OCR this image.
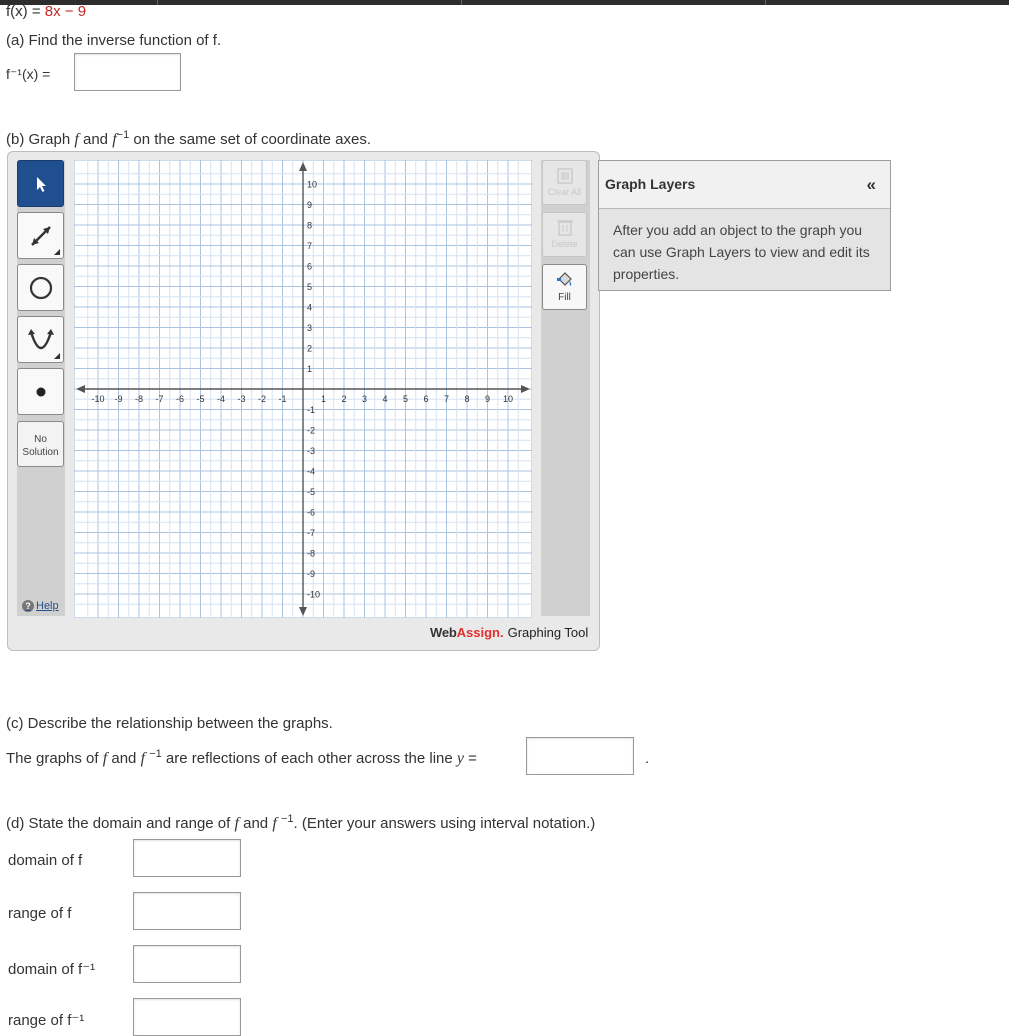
f(x) = 8x − 9
(a) Find the inverse function of f.
f⁻¹(x) =
(b) Graph f and $f^{-1}$ on the same set of coordinate axes.
No
Solution
? Help

Clear All

Delete

Fill
-10 -9 -8 -7 -6 -5 -4 -3 -2 -1	1 2 3 4 5 6 7 8 9 10
-10
-9
-8
-7
-6
-5
-4
-3
-2
-1
1
2
3
4
5
6
7
8
9
10
WebAssign. Graphing Tool
Graph Layers	«
After you add an object to the graph you can use Graph Layers to view and edit its properties.
(c) Describe the relationship between the graphs.
The graphs of f and f $^{-1}$ are reflections of each other across the line y =	.
(d) State the domain and range of f and f $^{-1}$. (Enter your answers using interval notation.)
domain of f
range of f
domain of f⁻¹
range of f⁻¹
